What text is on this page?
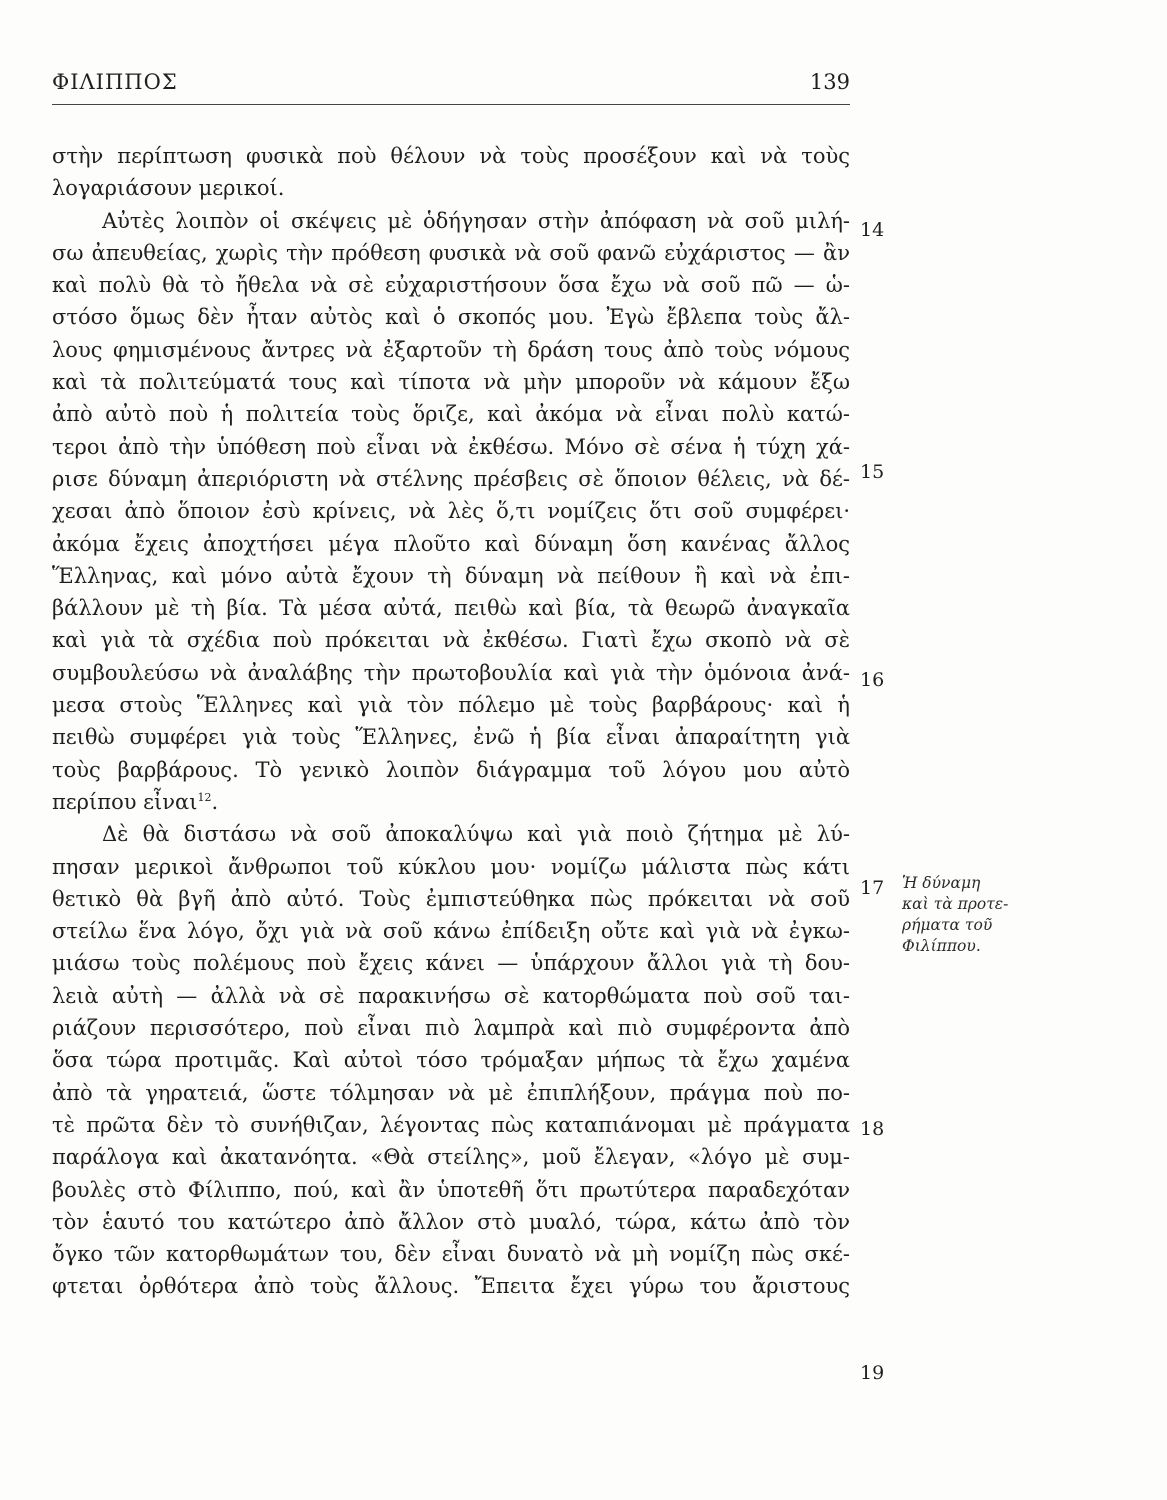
ΦΙΛΙΠΠΟΣ	139
στὴν περίπτωση φυσικὰ ποὺ θέλουν νὰ τοὺς προσέξουν καὶ νὰ τοὺς
λογαριάσουν μερικοί.
Αὐτὲς λοιπὸν οἱ σκέψεις μὲ ὁδήγησαν στὴν ἀπόφαση νὰ σοῦ μιλή-
σω ἀπευθείας, χωρὶς τὴν πρόθεση φυσικὰ νὰ σοῦ φανῶ εὐχάριστος — ἂν
καὶ πολὺ θὰ τὸ ἤθελα νὰ σὲ εὐχαριστήσουν ὅσα ἔχω νὰ σοῦ πῶ — ὡ-
στόσο ὅμως δὲν ἦταν αὐτὸς καὶ ὁ σκοπός μου. Ἐγὼ ἔβλεπα τοὺς ἄλ-
λους φημισμένους ἄντρες νὰ ἐξαρτοῦν τὴ δράση τους ἀπὸ τοὺς νόμους
καὶ τὰ πολιτεύματά τους καὶ τίποτα νὰ μὴν μποροῦν νὰ κάμουν ἔξω
ἀπὸ αὐτὸ ποὺ ἡ πολιτεία τοὺς ὅριζε, καὶ ἀκόμα νὰ εἶναι πολὺ κατώ-
τεροι ἀπὸ τὴν ὑπόθεση ποὺ εἶναι νὰ ἐκθέσω. Μόνο σὲ σένα ἡ τύχη χά-
ρισε δύναμη ἀπεριόριστη νὰ στέλνης πρέσβεις σὲ ὅποιον θέλεις, νὰ δέ-
χεσαι ἀπὸ ὅποιον ἐσὺ κρίνεις, νὰ λὲς ὅ,τι νομίζεις ὅτι σοῦ συμφέρει·
ἀκόμα ἔχεις ἀποχτήσει μέγα πλοῦτο καὶ δύναμη ὅση κανένας ἄλλος
Ἕλληνας, καὶ μόνο αὐτὰ ἔχουν τὴ δύναμη νὰ πείθουν ἢ καὶ νὰ ἐπι-
βάλλουν μὲ τὴ βία. Τὰ μέσα αὐτά, πειθὼ καὶ βία, τὰ θεωρῶ ἀναγκαῖα
καὶ γιὰ τὰ σχέδια ποὺ πρόκειται νὰ ἐκθέσω. Γιατὶ ἔχω σκοπὸ νὰ σὲ
συμβουλεύσω νὰ ἀναλάβης τὴν πρωτοβουλία καὶ γιὰ τὴν ὁμόνοια ἀνά-
μεσα στοὺς Ἕλληνες καὶ γιὰ τὸν πόλεμο μὲ τοὺς βαρβάρους· καὶ ἡ
πειθὼ συμφέρει γιὰ τοὺς Ἕλληνες, ἐνῶ ἡ βία εἶναι ἀπαραίτητη γιὰ
τοὺς βαρβάρους. Τὸ γενικὸ λοιπὸν διάγραμμα τοῦ λόγου μου αὐτὸ
περίπου εἶναι$^{12}$.
Δὲ θὰ διστάσω νὰ σοῦ ἀποκαλύψω καὶ γιὰ ποιὸ ζήτημα μὲ λύ-
πησαν μερικοὶ ἄνθρωποι τοῦ κύκλου μου· νομίζω μάλιστα πὼς κάτι
θετικὸ θὰ βγῆ ἀπὸ αὐτό. Τοὺς ἐμπιστεύθηκα πὼς πρόκειται νὰ σοῦ
στείλω ἕνα λόγο, ὄχι γιὰ νὰ σοῦ κάνω ἐπίδειξη οὔτε καὶ γιὰ νὰ ἐγκω-
μιάσω τοὺς πολέμους ποὺ ἔχεις κάνει — ὑπάρχουν ἄλλοι γιὰ τὴ δου-
λειὰ αὐτὴ — ἀλλὰ νὰ σὲ παρακινήσω σὲ κατορθώματα ποὺ σοῦ ται-
ριάζουν περισσότερο, ποὺ εἶναι πιὸ λαμπρὰ καὶ πιὸ συμφέροντα ἀπὸ
ὅσα τώρα προτιμᾶς. Καὶ αὐτοὶ τόσο τρόμαξαν μήπως τὰ ἔχω χαμένα
ἀπὸ τὰ γηρατειά, ὥστε τόλμησαν νὰ μὲ ἐπιπλήξουν, πράγμα ποὺ πο-
τὲ πρῶτα δὲν τὸ συνήθιζαν, λέγοντας πὼς καταπιάνομαι μὲ πράγματα
παράλογα καὶ ἀκατανόητα. «Θὰ στείλης», μοῦ ἔλεγαν, «λόγο μὲ συμ-
βουλὲς στὸ Φίλιππο, πού, καὶ ἂν ὑποτεθῆ ὅτι πρωτύτερα παραδεχόταν
τὸν ἑαυτό του κατώτερο ἀπὸ ἄλλον στὸ μυαλό, τώρα, κάτω ἀπὸ τὸν
ὄγκο τῶν κατορθωμάτων του, δὲν εἶναι δυνατὸ νὰ μὴ νομίζη πὼς σκέ-
φτεται ὀρθότερα ἀπὸ τοὺς ἄλλους. Ἔπειτα ἔχει γύρω του ἄριστους
14
15
16
17
18
19
Ἡ δύναμη
καὶ τὰ προτε-
ρήματα τοῦ
Φιλίππου.
